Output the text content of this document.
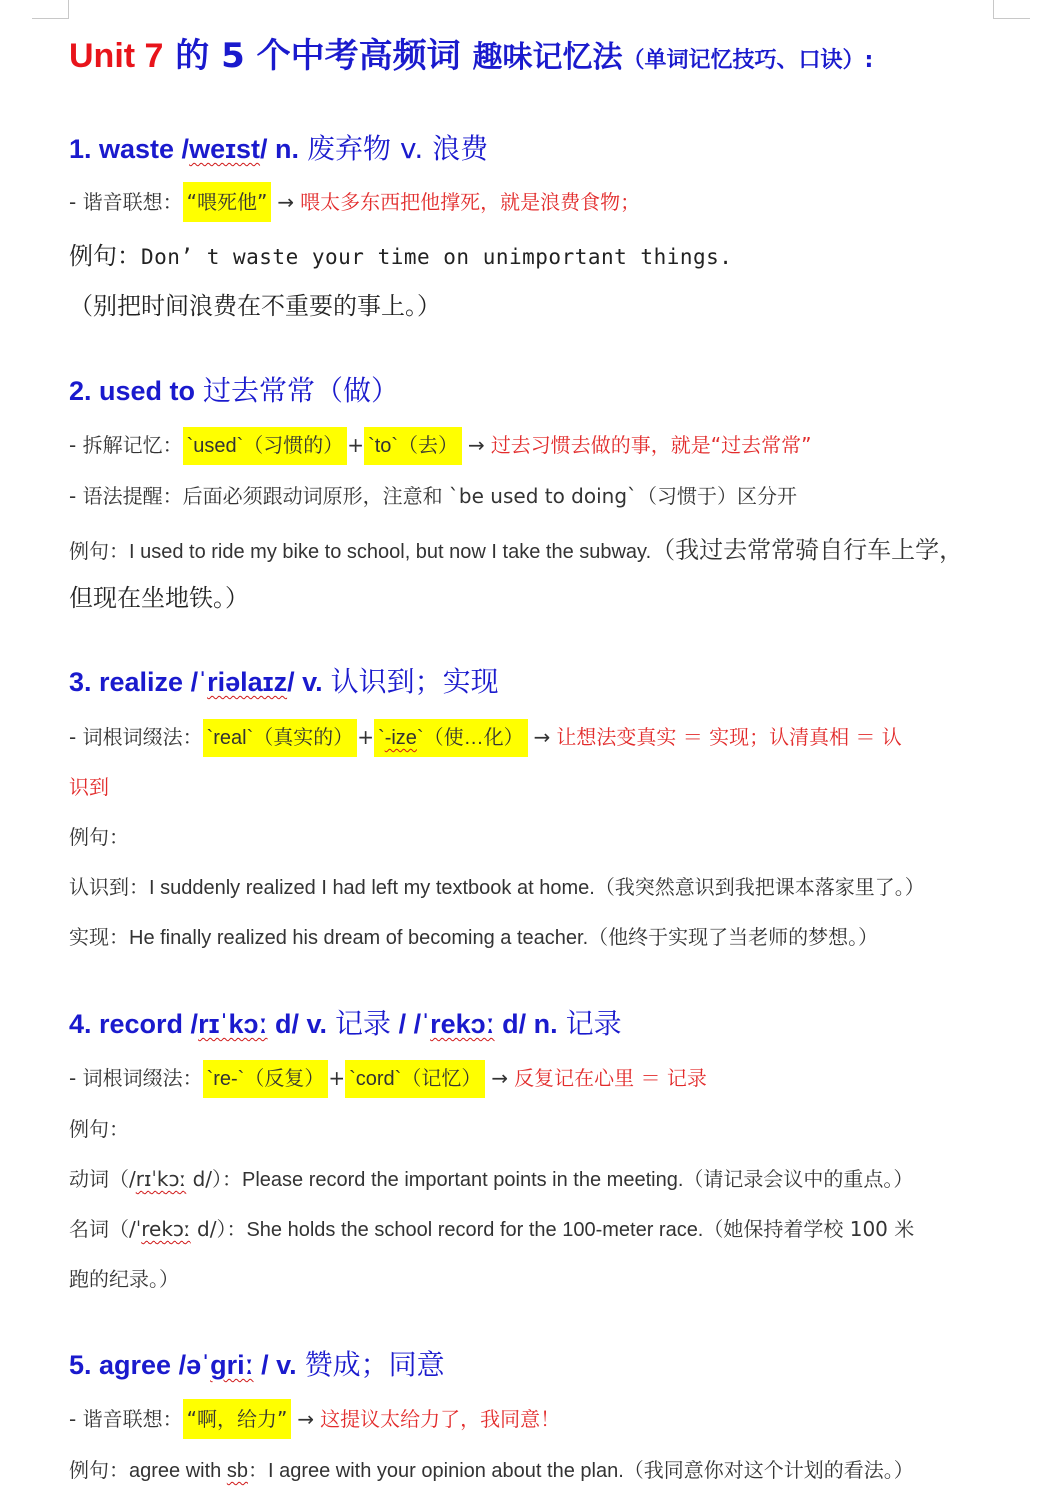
Unit 7 的 5 个中考高频词 趣味记忆法（单词记忆技巧、口诀）:
1. waste /weɪst/ n. 废弃物 v. 浪费
- 谐音联想： “喂死他” → 喂太多东西把他撑死，就是浪费食物；
例句：Don’ t waste your time on unimportant things.
（别把时间浪费在不重要的事上。）
2. used to 过去常常（做）
- 拆解记忆： `used`（习惯的） + `to`（去） → 过去习惯去做的事，就是“过去常常”
- 语法提醒：后面必须跟动词原形，注意和 `be used to doing`（习惯于）区分开
例句：I used to ride my bike to school, but now I take the subway.（我过去常常骑自行车上学，
但现在坐地铁。）
3. realize /ˈriəlaɪz/ v. 认识到；实现
- 词根词缀法： `real`（真实的） + `-ize`（使…化） → 让想法变真实 ＝ 实现；认清真相 ＝ 认
识到
例句：
认识到：I suddenly realized I had left my textbook at home.（我突然意识到我把课本落家里了。）
实现：He finally realized his dream of becoming a teacher.（他终于实现了当老师的梦想。）
4. record /rɪˈkɔː d/ v. 记录 / /ˈrekɔː d/ n. 记录
- 词根词缀法： `re-`（反复） + `cord`（记忆） → 反复记在心里 ＝ 记录
例句：
动词（/rɪˈkɔː d/）：Please record the important points in the meeting.（请记录会议中的重点。）
名词（/ˈrekɔː d/）：She holds the school record for the 100-meter race.（她保持着学校 100 米
跑的纪录。）
5. agree /əˈgriː / v. 赞成；同意
- 谐音联想： “啊，给力” → 这提议太给力了，我同意！
例句：agree with sb：I agree with your opinion about the plan.（我同意你对这个计划的看法。）
